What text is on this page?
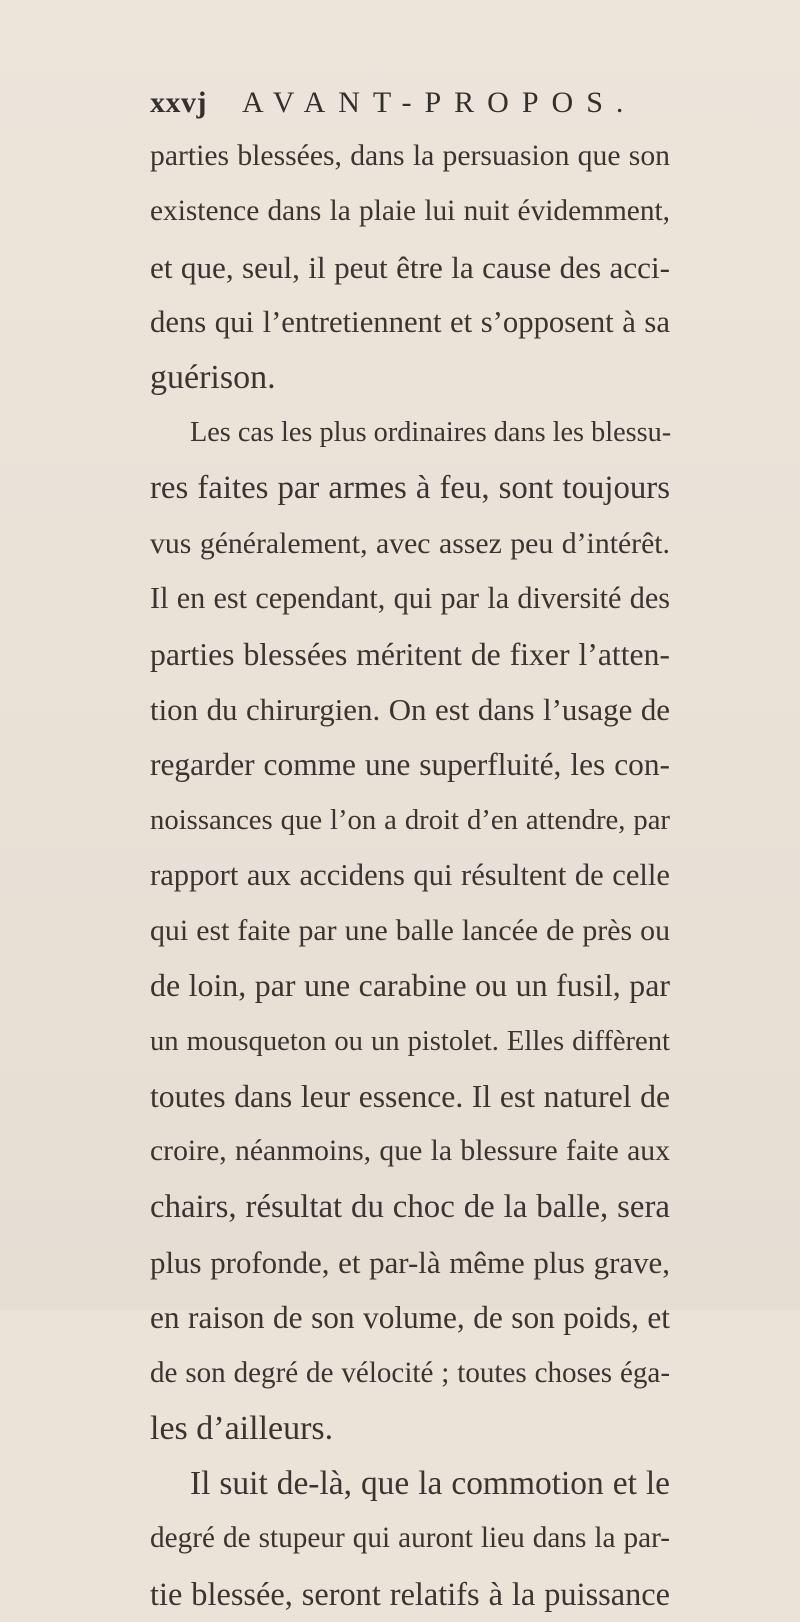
xxvj AVANT-PROPOS.
parties blessées, dans la persuasion que son
existence dans la plaie lui nuit évidemment,
et que, seul, il peut être la cause des acci-
dens qui l’entretiennent et s’opposent à sa
guérison.
Les cas les plus ordinaires dans les blessu-
res faites par armes à feu, sont toujours
vus généralement, avec assez peu d’intérêt.
Il en est cependant, qui par la diversité des
parties blessées méritent de fixer l’atten-
tion du chirurgien. On est dans l’usage de
regarder comme une superfluité, les con-
noissances que l’on a droit d’en attendre, par
rapport aux accidens qui résultent de celle
qui est faite par une balle lancée de près ou
de loin, par une carabine ou un fusil, par
un mousqueton ou un pistolet. Elles diffèrent
toutes dans leur essence. Il est naturel de
croire, néanmoins, que la blessure faite aux
chairs, résultat du choc de la balle, sera
plus profonde, et par-là même plus grave,
en raison de son volume, de son poids, et
de son degré de vélocité ; toutes choses éga-
les d’ailleurs.
Il suit de-là, que la commotion et le
degré de stupeur qui auront lieu dans la par-
tie blessée, seront relatifs à la puissance
